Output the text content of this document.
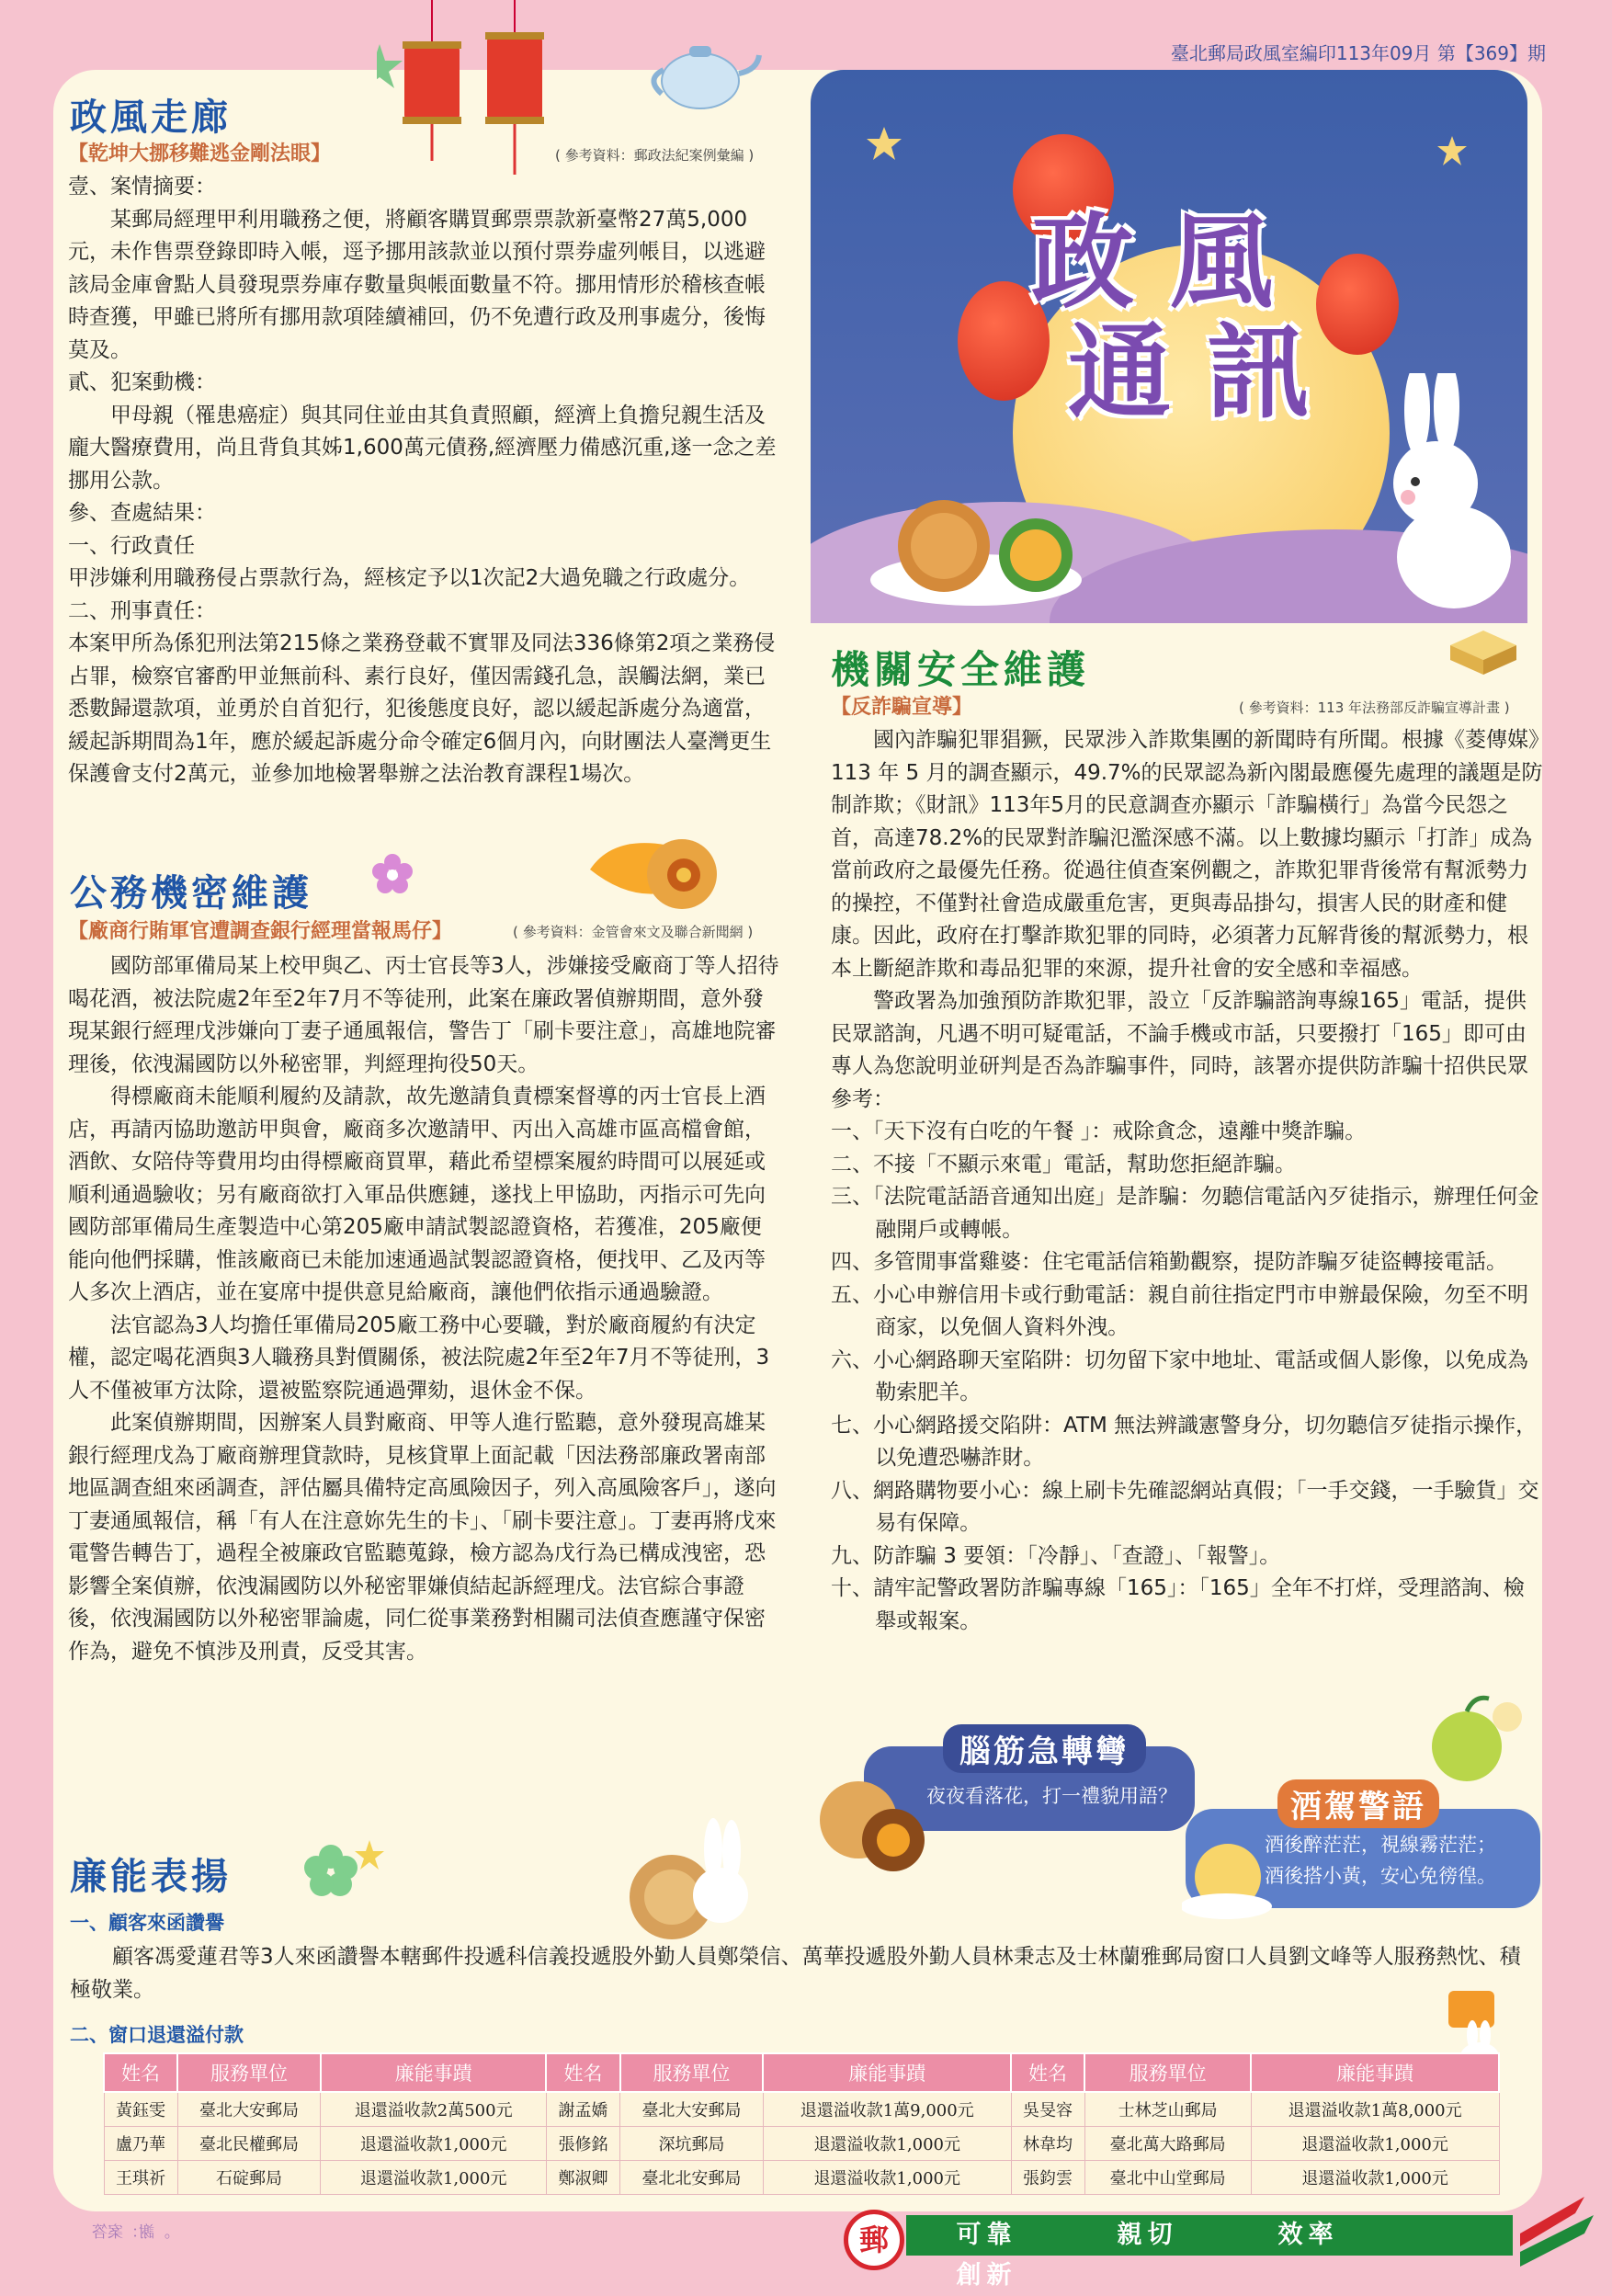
臺北郵局政風室編印113年09月 第【369】期
政風走廊
【乾坤大挪移難逃金剛法眼】	( 參考資料：郵政法紀案例彙編 )

壹、案情摘要：

某郵局經理甲利用職務之便，將顧客購買郵票票款新臺幣27萬5,000元，未作售票登錄即時入帳，逕予挪用該款並以預付票券虛列帳目，以逃避該局金庫會點人員發現票券庫存數量與帳面數量不符。挪用情形於稽核查帳時查獲，甲雖已將所有挪用款項陸續補回，仍不免遭行政及刑事處分，後悔莫及。

貳、犯案動機：

甲母親（罹患癌症）與其同住並由其負責照顧，經濟上負擔兒親生活及龐大醫療費用，尚且背負其姊1,600萬元債務,經濟壓力備感沉重,遂一念之差挪用公款。

參、查處結果：

一、行政責任

甲涉嫌利用職務侵占票款行為，經核定予以1次記2大過免職之行政處分。

二、刑事責任：

本案甲所為係犯刑法第215條之業務登載不實罪及同法336條第2項之業務侵占罪，檢察官審酌甲並無前科、素行良好，僅因需錢孔急，誤觸法網，業已悉數歸還款項，並勇於自首犯行，犯後態度良好，認以緩起訴處分為適當，緩起訴期間為1年，應於緩起訴處分命令確定6個月內，向財團法人臺灣更生保護會支付2萬元，並參加地檢署舉辦之法治教育課程1場次。

公務機密維護
【廠商行賄軍官遭調查銀行經理當報馬仔】	( 參考資料：金管會來文及聯合新聞網 )

國防部軍備局某上校甲與乙、丙士官長等3人，涉嫌接受廠商丁等人招待喝花酒，被法院處2年至2年7月不等徒刑，此案在廉政署偵辦期間，意外發現某銀行經理戊涉嫌向丁妻子通風報信，警告丁「刷卡要注意」，高雄地院審理後，依洩漏國防以外秘密罪，判經理拘役50天。

得標廠商未能順利履約及請款，故先邀請負責標案督導的丙士官長上酒店，再請丙協助邀訪甲與會，廠商多次邀請甲、丙出入高雄市區高檔會館，酒飲、女陪侍等費用均由得標廠商買單，藉此希望標案履約時間可以展延或順利通過驗收；另有廠商欲打入軍品供應鏈，遂找上甲協助，丙指示可先向國防部軍備局生產製造中心第205廠申請試製認證資格，若獲准，205廠便能向他們採購，惟該廠商已未能加速通過試製認證資格，便找甲、乙及丙等人多次上酒店，並在宴席中提供意見給廠商，讓他們依指示通過驗證。

法官認為3人均擔任軍備局205廠工務中心要職，對於廠商履約有決定權，認定喝花酒與3人職務具對價關係，被法院處2年至2年7月不等徒刑，3人不僅被軍方汰除，還被監察院通過彈劾，退休金不保。

此案偵辦期間，因辦案人員對廠商、甲等人進行監聽，意外發現高雄某銀行經理戊為丁廠商辦理貸款時，見核貸單上面記載「因法務部廉政署南部地區調查組來函調查，評估屬具備特定高風險因子，列入高風險客戶」，遂向丁妻通風報信，稱「有人在注意妳先生的卡」、「刷卡要注意」。丁妻再將戊來電警告轉告丁，過程全被廉政官監聽蒐錄，檢方認為戊行為已構成洩密，恐影響全案偵辦，依洩漏國防以外秘密罪嫌偵結起訴經理戊。法官綜合事證後，依洩漏國防以外秘密罪論處，同仁從事業務對相關司法偵查應謹守保密作為，避免不慎涉及刑責，反受其害。

政 風
通 訊
機關安全維護
【反詐騙宣導】	( 參考資料：113 年法務部反詐騙宣導計畫 )

國內詐騙犯罪猖獗，民眾涉入詐欺集團的新聞時有所聞。根據《菱傳媒》113 年 5 月的調查顯示，49.7%的民眾認為新內閣最應優先處理的議題是防制詐欺；《財訊》113年5月的民意調查亦顯示「詐騙橫行」為當今民怨之首，高達78.2%的民眾對詐騙氾濫深感不滿。以上數據均顯示「打詐」成為當前政府之最優先任務。從過往偵查案例觀之，詐欺犯罪背後常有幫派勢力的操控，不僅對社會造成嚴重危害，更與毒品掛勾，損害人民的財產和健康。因此，政府在打擊詐欺犯罪的同時，必須著力瓦解背後的幫派勢力，根本上斷絕詐欺和毒品犯罪的來源，提升社會的安全感和幸福感。

警政署為加強預防詐欺犯罪，設立「反詐騙諮詢專線165」電話，提供民眾諮詢，凡遇不明可疑電話，不論手機或市話，只要撥打「165」即可由專人為您說明並研判是否為詐騙事件，同時，該署亦提供防詐騙十招供民眾參考：

一、「天下沒有白吃的午餐 」：戒除貪念，遠離中獎詐騙。

二、不接「不顯示來電」電話，幫助您拒絕詐騙。

三、「法院電話語音通知出庭」是詐騙：勿聽信電話內歹徒指示，辦理任何金融開戶或轉帳。

四、多管閒事當雞婆：住宅電話信箱勤觀察，提防詐騙歹徒盜轉接電話。

五、小心申辦信用卡或行動電話：親自前往指定門市申辦最保險，勿至不明商家，以免個人資料外洩。

六、小心網路聊天室陷阱：切勿留下家中地址、電話或個人影像，以免成為勒索肥羊。

七、小心網路援交陷阱：ATM 無法辨識憲警身分，切勿聽信歹徒指示操作，以免遭恐嚇詐財。

八、網路購物要小心：線上刷卡先確認網站真假；「一手交錢，一手驗貨」交易有保障。

九、防詐騙 3 要領：「冷靜」、「查證」、「報警」。

十、請牢記警政署防詐騙專線「165」：「165」全年不打烊，受理諮詢、檢舉或報案。

腦筋急轉彎
夜夜看落花，打一禮貌用語？	酒駕警語
酒後醉茫茫，視線霧茫茫；
酒後搭小黃，安心免徬徨。
廉能表揚
一、顧客來函讚譽
顧客馮愛蓮君等3人來函讚譽本轄郵件投遞科信義投遞股外勤人員鄭榮信、萬華投遞股外勤人員林秉志及士林蘭雅郵局窗口人員劉文峰等人服務熱忱、積極敬業。
二、窗口退還溢付款
姓名	服務單位	廉能事蹟	姓名	服務單位	廉能事蹟	姓名	服務單位	廉能事蹟
黃鈺雯	臺北大安郵局	退還溢收款2萬500元	謝孟嬌	臺北大安郵局	退還溢收款1萬9,000元	吳旻容	士林芝山郵局	退還溢收款1萬8,000元
盧乃華	臺北民權郵局	退還溢收款1,000元	張修銘	深坑郵局	退還溢收款1,000元	林韋均	臺北萬大路郵局	退還溢收款1,000元
王琪祈	石碇郵局	退還溢收款1,000元	鄭淑卿	臺北北安郵局	退還溢收款1,000元	張鈞雲	臺北中山堂郵局	退還溢收款1,000元
。謝：案答	郵	可靠	親切	效率創新
